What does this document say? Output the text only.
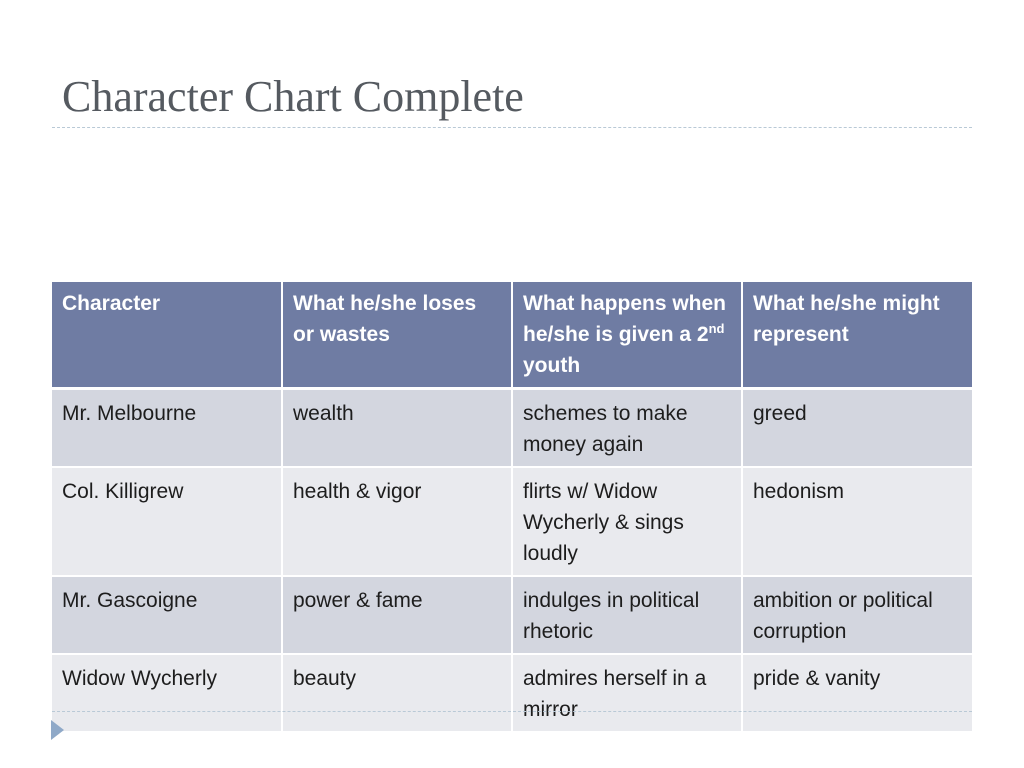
Character Chart Complete
Character	What he/she loses or wastes	What happens when he/she is given a 2nd youth	What he/she might represent
Mr. Melbourne	wealth	schemes to make money again	greed
Col. Killigrew	health & vigor	flirts w/ Widow Wycherly & sings loudly	hedonism
Mr. Gascoigne	power & fame	indulges in political rhetoric	ambition or political corruption
Widow Wycherly	beauty	admires herself in a mirror	pride & vanity
